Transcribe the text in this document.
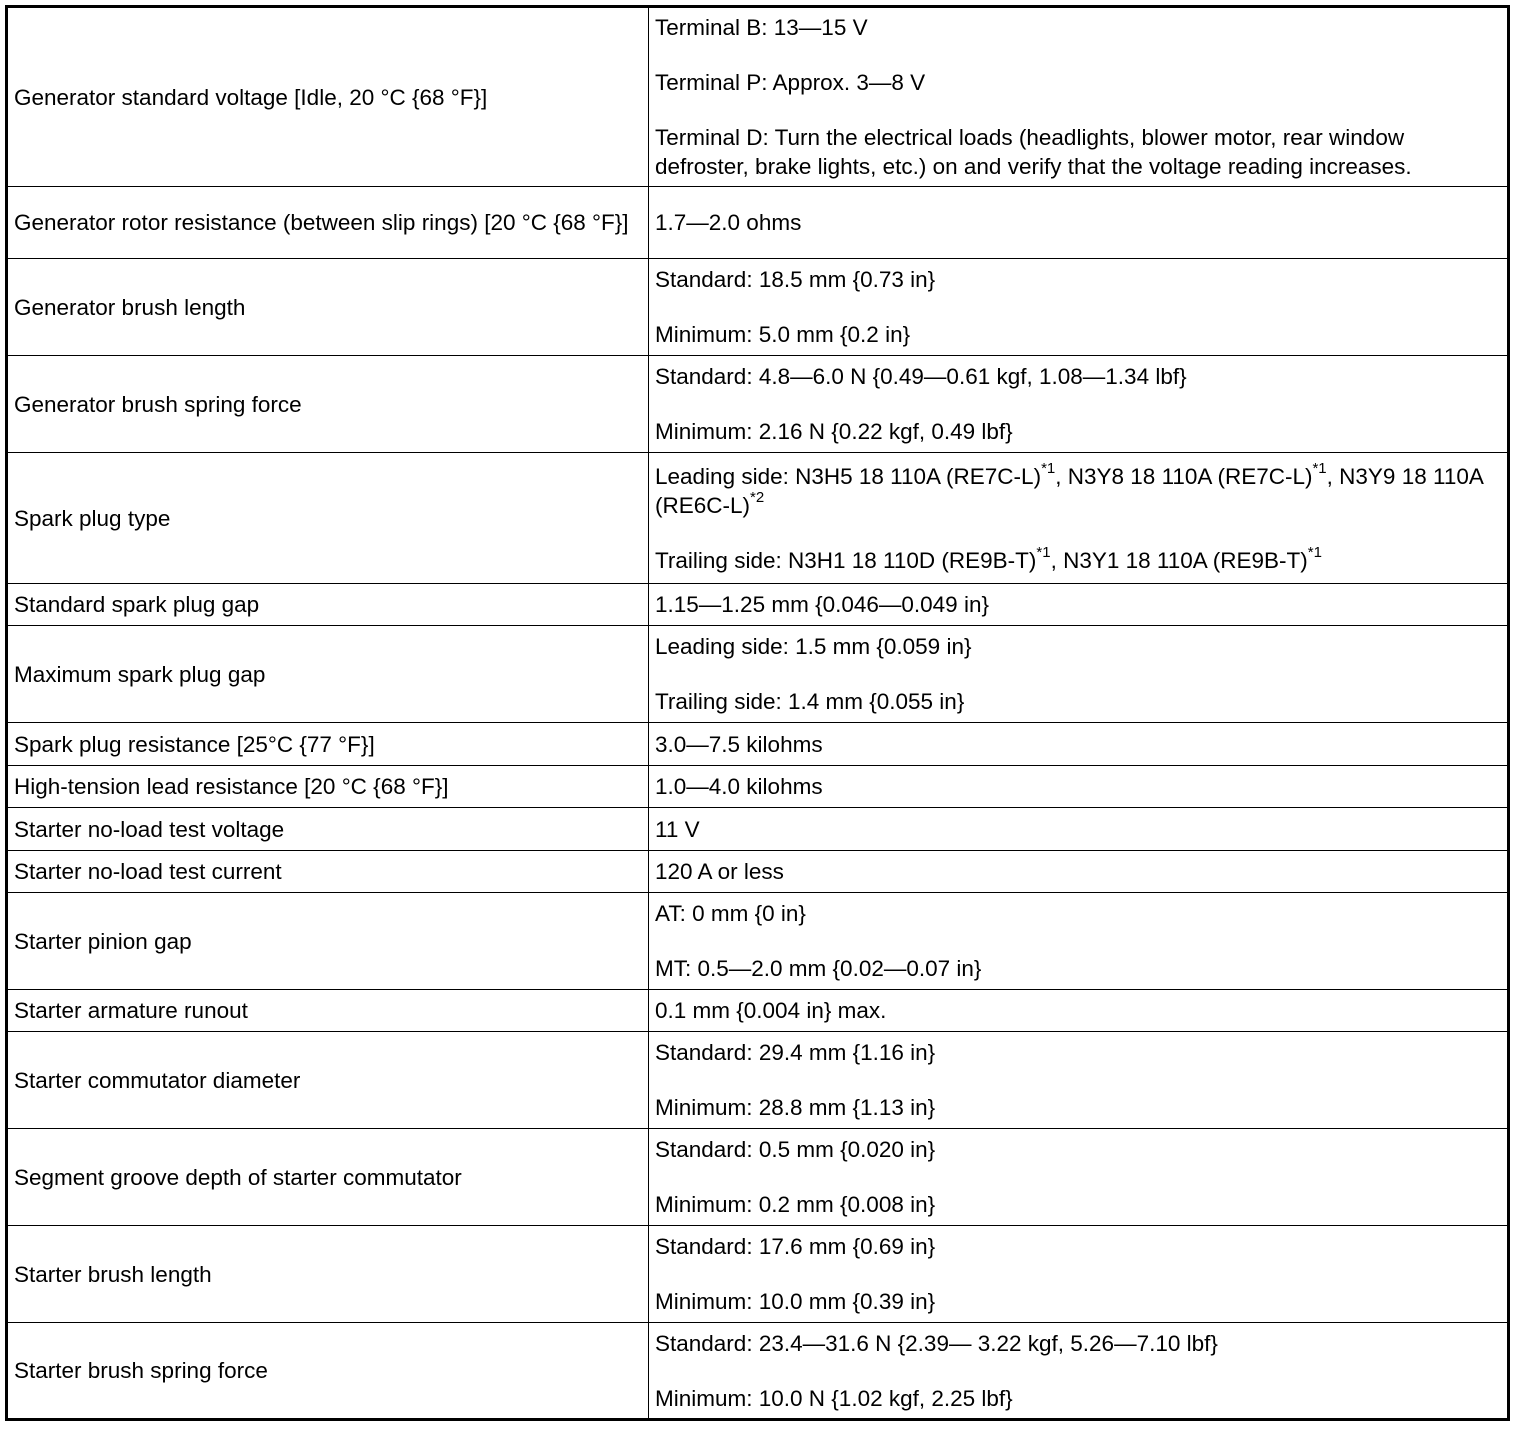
Generator standard voltage [Idle, 20 °C {68 °F}]	Terminal B: 13—15 V
Terminal P: Approx. 3—8 V
Terminal D: Turn the electrical loads (headlights, blower motor, rear window defroster, brake lights, etc.) on and verify that the voltage reading increases.

Generator rotor resistance (between slip rings) [20 °C {68 °F}]	1.7—2.0 ohms

Generator brush length	Standard: 18.5 mm {0.73 in}
Minimum: 5.0 mm {0.2 in}

Generator brush spring force	Standard: 4.8—6.0 N {0.49—0.61 kgf, 1.08—1.34 lbf}
Minimum: 2.16 N {0.22 kgf, 0.49 lbf}

Spark plug type	Leading side: N3H5 18 110A $(RE7C-L)^{*1}$, N3Y8 18 110A $(RE7C-L)^{*1}$, N3Y9 18 110A $(RE6C-L)^{*2}$
Trailing side: N3H1 18 110D $(RE9B-T)^{*1}$, N3Y1 18 110A $(RE9B-T)^{*1}$

Standard spark plug gap	1.15—1.25 mm {0.046—0.049 in}

Maximum spark plug gap	Leading side: 1.5 mm {0.059 in}
Trailing side: 1.4 mm {0.055 in}

Spark plug resistance [25°C {77 °F}]	3.0—7.5 kilohms

High-tension lead resistance [20 °C {68 °F}]	1.0—4.0 kilohms

Starter no-load test voltage	11 V

Starter no-load test current	120 A or less

Starter pinion gap	AT: 0 mm {0 in}
MT: 0.5—2.0 mm {0.02—0.07 in}

Starter armature runout	0.1 mm {0.004 in} max.

Starter commutator diameter	Standard: 29.4 mm {1.16 in}
Minimum: 28.8 mm {1.13 in}

Segment groove depth of starter commutator	Standard: 0.5 mm {0.020 in}
Minimum: 0.2 mm {0.008 in}

Starter brush length	Standard: 17.6 mm {0.69 in}
Minimum: 10.0 mm {0.39 in}

Starter brush spring force	Standard: 23.4—31.6 N {2.39— 3.22 kgf, 5.26—7.10 lbf}
Minimum: 10.0 N {1.02 kgf, 2.25 lbf}
